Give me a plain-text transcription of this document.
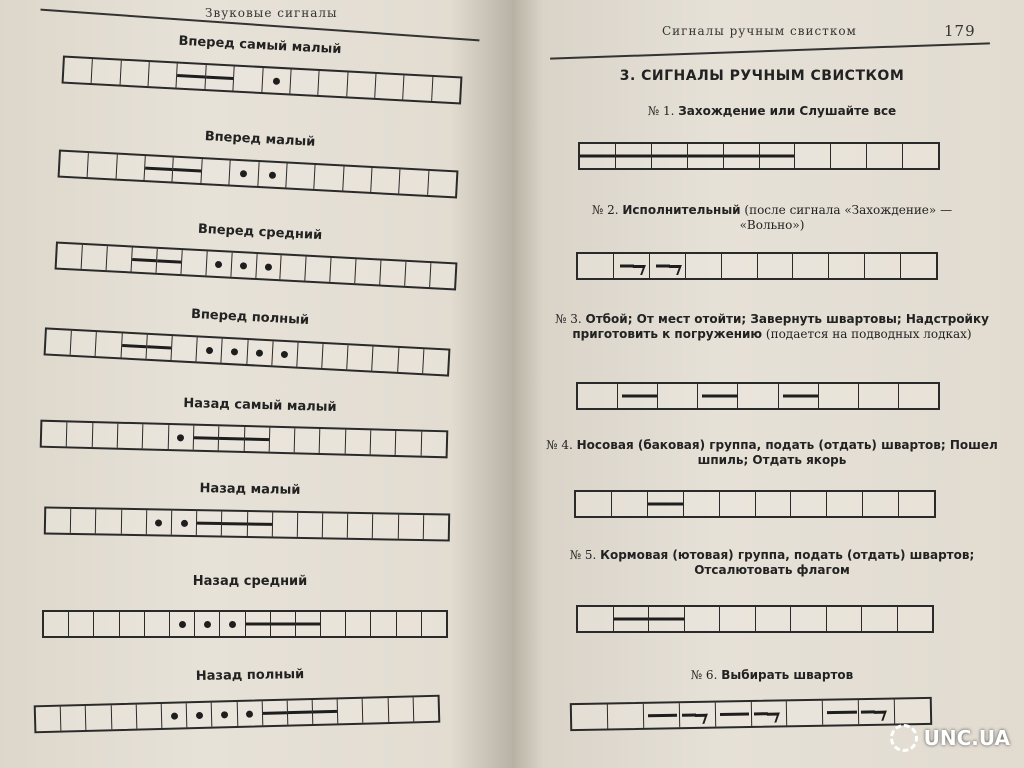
Звуковые сигналы
Вперед самый малый
Вперед малый
Вперед средний
Вперед полный
Назад самый малый
Назад малый
Назад средний
Назад полный
Сигналы ручным свистком	179
3. СИГНАЛЫ РУЧНЫМ СВИСТКОМ
№ 1. Захождение или Слушайте все
№ 2. Исполнительный (после сигнала «Захождение» — «Вольно»)
№ 3. Отбой; От мест отойти; Завернуть швартовы; Надстройку приготовить к погружению (подается на подводных лодках)
№ 4. Носовая (баковая) группа, подать (отдать) швартов; Пошел шпиль; Отдать якорь
№ 5. Кормовая (ютовая) группа, подать (отдать) швартов; Отсалютовать флагом
№ 6. Выбирать швартов
UNC.UA
